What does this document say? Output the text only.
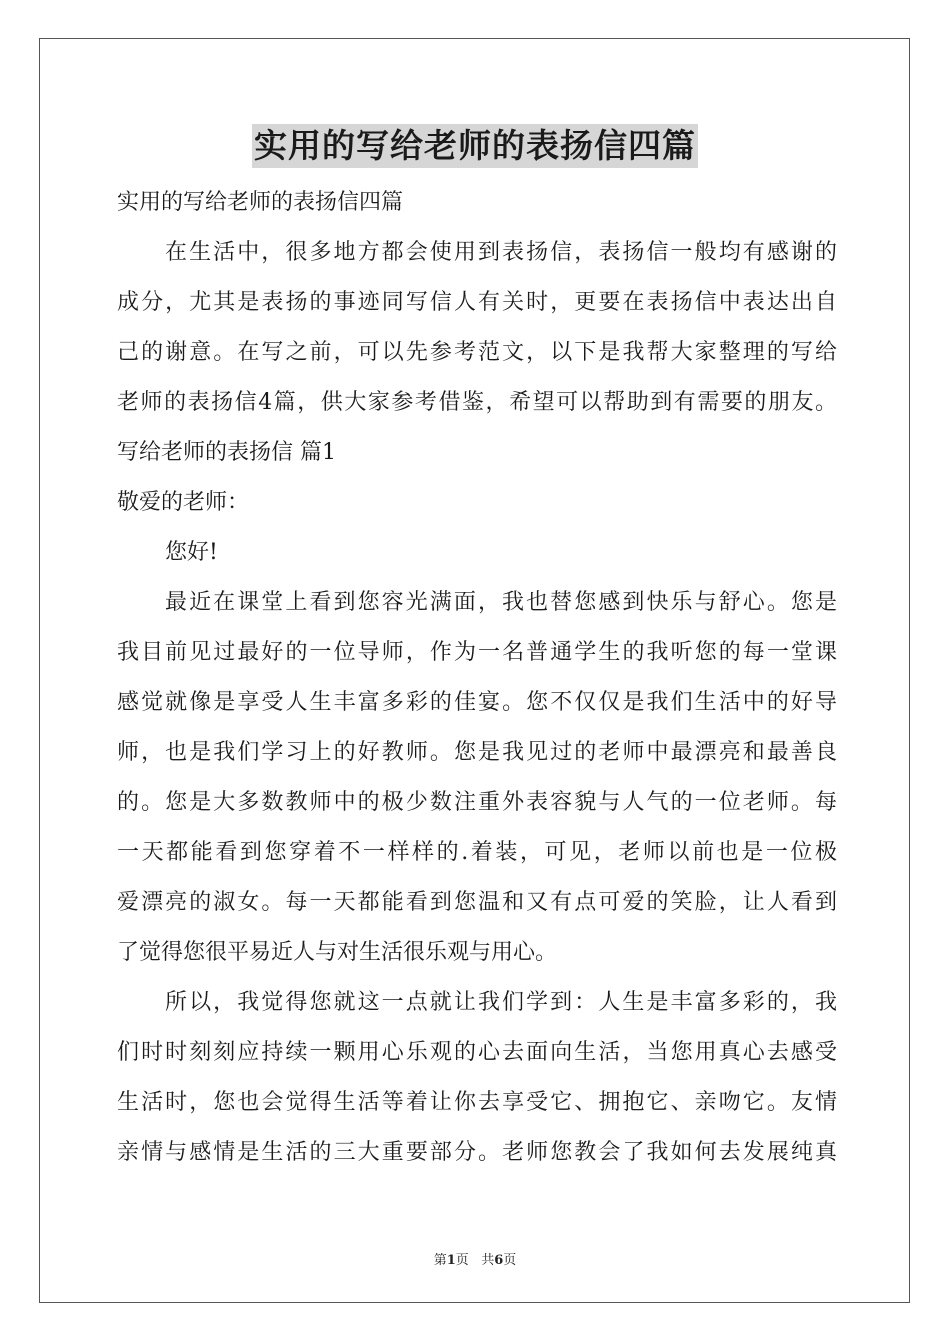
实用的写给老师的表扬信四篇
实用的写给老师的表扬信四篇
在生活中，很多地方都会使用到表扬信，表扬信一般均有感谢的
成分，尤其是表扬的事迹同写信人有关时，更要在表扬信中表达出自
己的谢意。在写之前，可以先参考范文，以下是我帮大家整理的写给
老师的表扬信4篇，供大家参考借鉴，希望可以帮助到有需要的朋友。
写给老师的表扬信 篇1
敬爱的老师：
您好!
最近在课堂上看到您容光满面，我也替您感到快乐与舒心。您是
我目前见过最好的一位导师，作为一名普通学生的我听您的每一堂课
感觉就像是享受人生丰富多彩的佳宴。您不仅仅是我们生活中的好导
师，也是我们学习上的好教师。您是我见过的老师中最漂亮和最善良
的。您是大多数教师中的极少数注重外表容貌与人气的一位老师。每
一天都能看到您穿着不一样样的.着装，可见，老师以前也是一位极
爱漂亮的淑女。每一天都能看到您温和又有点可爱的笑脸，让人看到
了觉得您很平易近人与对生活很乐观与用心。
所以，我觉得您就这一点就让我们学到：人生是丰富多彩的，我
们时时刻刻应持续一颗用心乐观的心去面向生活，当您用真心去感受
生活时，您也会觉得生活等着让你去享受它、拥抱它、亲吻它。友情
亲情与感情是生活的三大重要部分。老师您教会了我如何去发展纯真
第1页   共6页
